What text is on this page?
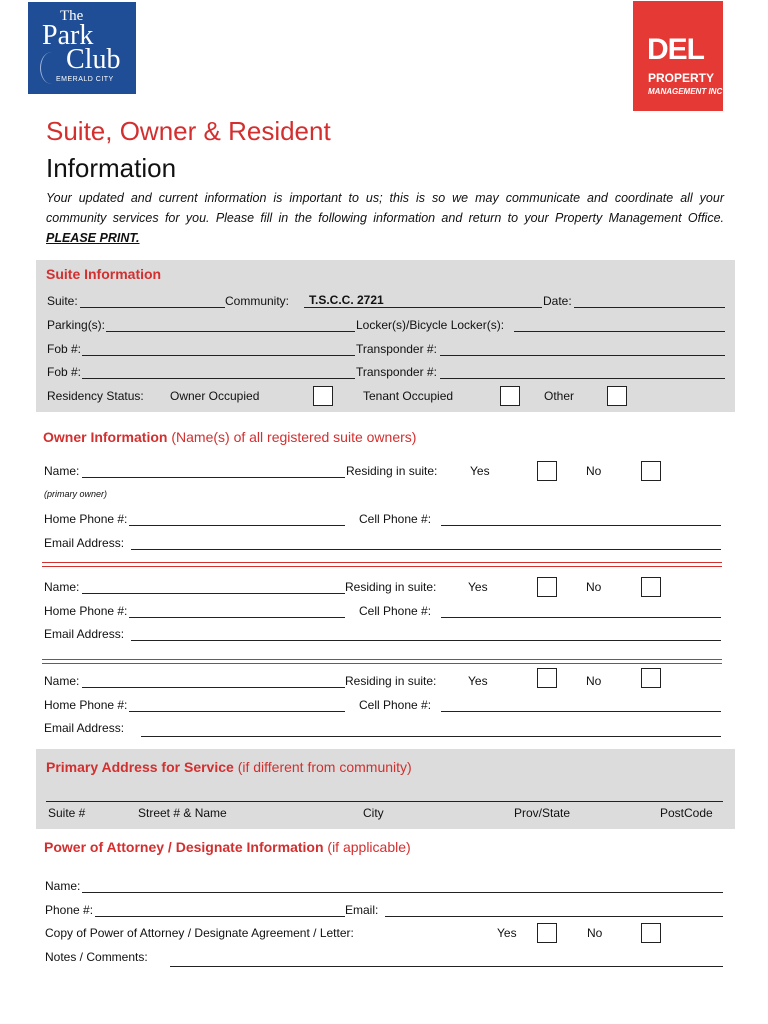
The
Park
Club
EMERALD CITY
DEL
PROPERTY
MANAGEMENT INC
Suite, Owner & Resident
Information
Your updated and current information is important to us; this is so we may communicate and coordinate all your community services for you. Please fill in the following information and return to your Property Management Office. PLEASE PRINT.
Suite Information
Suite:	Community: T.S.C.C. 2721	Date:
Parking(s):	Locker(s)/Bicycle Locker(s):
Fob #:	Transponder #:
Fob #:	Transponder #:
Residency Status: Owner Occupied	Tenant Occupied	Other
Owner Information (Name(s) of all registered suite owners)
Name:	Residing in suite:	Yes	No
(primary owner)
Home Phone #:	Cell Phone #:
Email Address:
Name:	Residing in suite:	Yes	No
Home Phone #:	Cell Phone #:
Email Address:
Name:	Residing in suite:	Yes	No
Home Phone #:	Cell Phone #:
Email Address:
Primary Address for Service (if different from community)
Suite #	Street # & Name	City	Prov/State	PostCode
Power of Attorney / Designate Information (if applicable)
Name:
Phone #:	Email:
Copy of Power of Attorney / Designate Agreement / Letter:	Yes	No
Notes / Comments:
